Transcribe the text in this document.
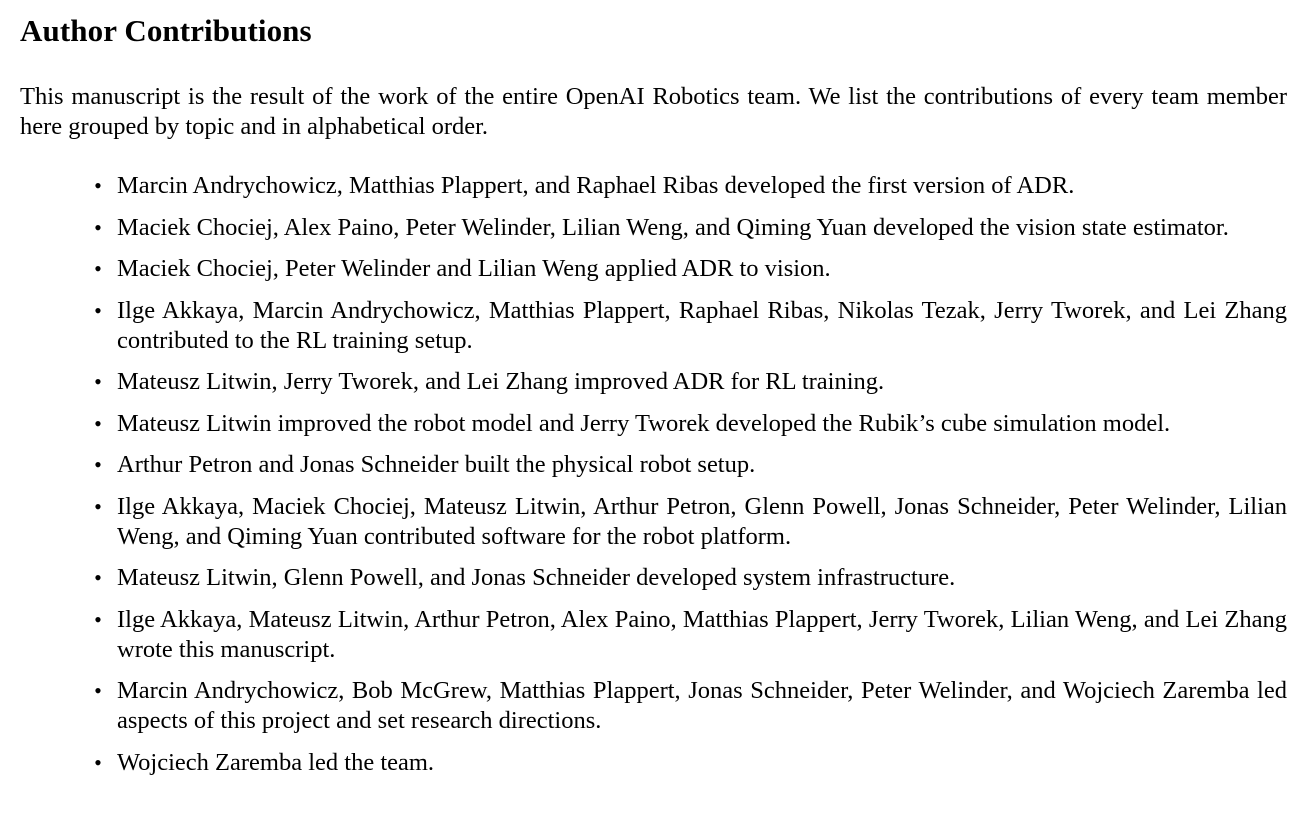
Author Contributions

This manuscript is the result of the work of the entire OpenAI Robotics team. We list the contributions of every team member here grouped by topic and in alphabetical order.

• Marcin Andrychowicz, Matthias Plappert, and Raphael Ribas developed the first version of ADR.
• Maciek Chociej, Alex Paino, Peter Welinder, Lilian Weng, and Qiming Yuan developed the vision state estimator.
• Maciek Chociej, Peter Welinder and Lilian Weng applied ADR to vision.
• Ilge Akkaya, Marcin Andrychowicz, Matthias Plappert, Raphael Ribas, Nikolas Tezak, Jerry Tworek, and Lei Zhang contributed to the RL training setup.
• Mateusz Litwin, Jerry Tworek, and Lei Zhang improved ADR for RL training.
• Mateusz Litwin improved the robot model and Jerry Tworek developed the Rubik’s cube simulation model.
• Arthur Petron and Jonas Schneider built the physical robot setup.
• Ilge Akkaya, Maciek Chociej, Mateusz Litwin, Arthur Petron, Glenn Powell, Jonas Schneider, Peter Welinder, Lilian Weng, and Qiming Yuan contributed software for the robot platform.
• Mateusz Litwin, Glenn Powell, and Jonas Schneider developed system infrastructure.
• Ilge Akkaya, Mateusz Litwin, Arthur Petron, Alex Paino, Matthias Plappert, Jerry Tworek, Lilian Weng, and Lei Zhang wrote this manuscript.
• Marcin Andrychowicz, Bob McGrew, Matthias Plappert, Jonas Schneider, Peter Welinder, and Wojciech Zaremba led aspects of this project and set research directions.
• Wojciech Zaremba led the team.
